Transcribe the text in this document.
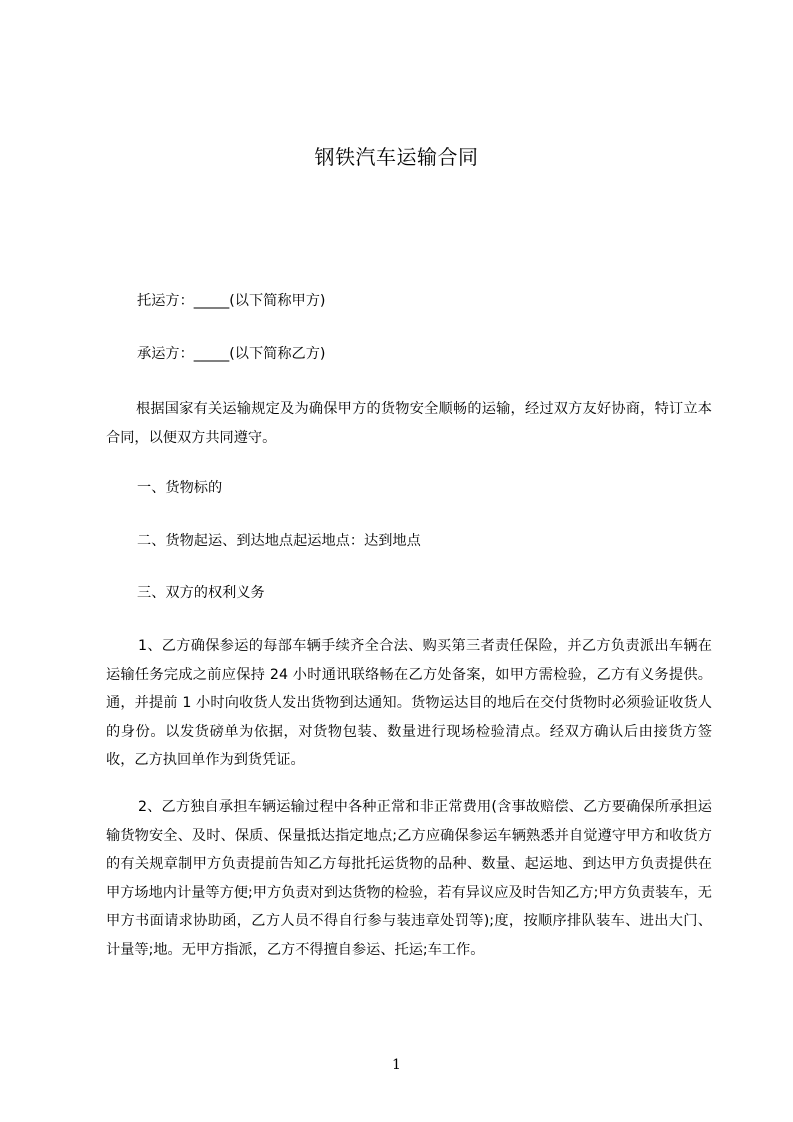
钢铁汽车运输合同
托运方：_____(以下简称甲方)
承运方：_____(以下简称乙方)
根据国家有关运输规定及为确保甲方的货物安全顺畅的运输，经过双方友好协商，特订立本合同，以便双方共同遵守。
一、货物标的
二、货物起运、到达地点起运地点：达到地点
三、双方的权利义务
1、乙方确保参运的每部车辆手续齐全合法、购买第三者责任保险，并乙方负责派出车辆在运输任务完成之前应保持 24 小时通讯联络畅在乙方处备案，如甲方需检验，乙方有义务提供。通，并提前 1 小时向收货人发出货物到达通知。货物运达目的地后在交付货物时必须验证收货人的身份。以发货磅单为依据，对货物包装、数量进行现场检验清点。经双方确认后由接货方签收，乙方执回单作为到货凭证。
2、乙方独自承担车辆运输过程中各种正常和非正常费用(含事故赔偿、乙方要确保所承担运输货物安全、及时、保质、保量抵达指定地点;乙方应确保参运车辆熟悉并自觉遵守甲方和收货方的有关规章制甲方负责提前告知乙方每批托运货物的品种、数量、起运地、到达甲方负责提供在甲方场地内计量等方便;甲方负责对到达货物的检验，若有异议应及时告知乙方;甲方负责装车，无甲方书面请求协助函，乙方人员不得自行参与装违章处罚等);度，按顺序排队装车、进出大门、计量等;地。无甲方指派，乙方不得擅自参运、托运;车工作。
1
